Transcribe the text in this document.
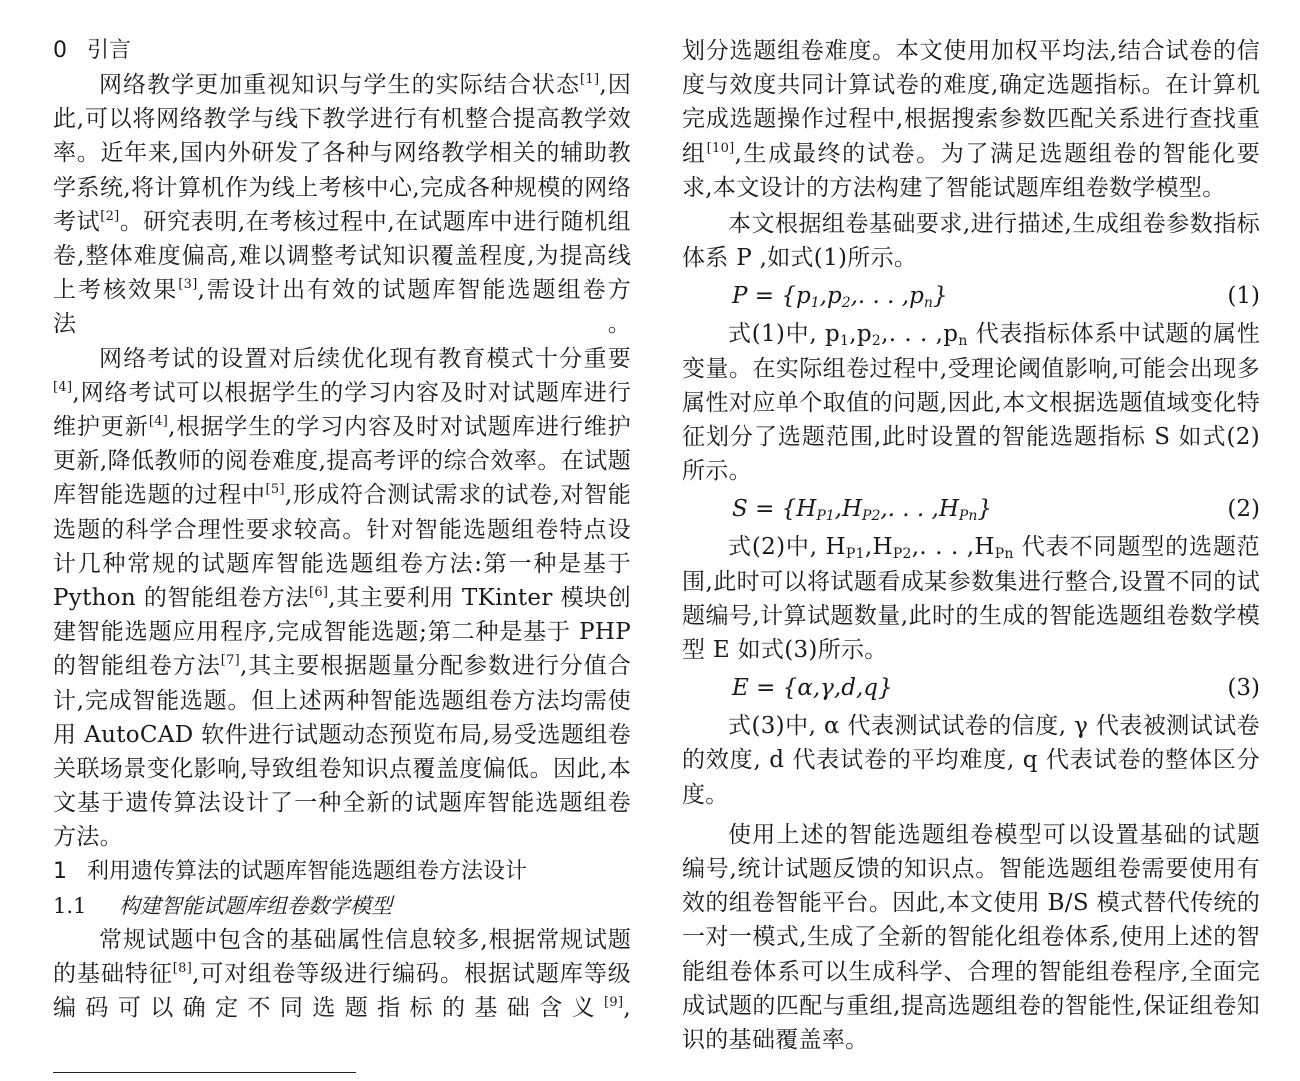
0 引言

网络教学更加重视知识与学生的实际结合状态[1],因此,可以将网络教学与线下教学进行有机整合提高教学效率。近年来,国内外研发了各种与网络教学相关的辅助教学系统,将计算机作为线上考核中心,完成各种规模的网络考试[2]。研究表明,在考核过程中,在试题库中进行随机组卷,整体难度偏高,难以调整考试知识覆盖程度,为提高线上考核效果[3],需设计出有效的试题库智能选题组卷方法。

网络考试的设置对后续优化现有教育模式十分重要[4],网络考试可以根据学生的学习内容及时对试题库进行维护更新[4],根据学生的学习内容及时对试题库进行维护更新,降低教师的阅卷难度,提高考评的综合效率。在试题库智能选题的过程中[5],形成符合测试需求的试卷,对智能选题的科学合理性要求较高。针对智能选题组卷特点设计几种常规的试题库智能选题组卷方法:第一种是基于 Python 的智能组卷方法[6],其主要利用 TKinter 模块创建智能选题应用程序,完成智能选题;第二种是基于 PHP 的智能组卷方法[7],其主要根据题量分配参数进行分值合计,完成智能选题。但上述两种智能选题组卷方法均需使用 AutoCAD 软件进行试题动态预览布局,易受选题组卷关联场景变化影响,导致组卷知识点覆盖度偏低。因此,本文基于遗传算法设计了一种全新的试题库智能选题组卷方法。

1 利用遗传算法的试题库智能选题组卷方法设计
1.1 构建智能试题库组卷数学模型

常规试题中包含的基础属性信息较多,根据常规试题的基础特征[8],可对组卷等级进行编码。根据试题库等级编码可以确定不同选题指标的基础含义[9],

划分选题组卷难度。本文使用加权平均法,结合试卷的信度与效度共同计算试卷的难度,确定选题指标。在计算机完成选题操作过程中,根据搜索参数匹配关系进行查找重组[10],生成最终的试卷。为了满足选题组卷的智能化要求,本文设计的方法构建了智能试题库组卷数学模型。

本文根据组卷基础要求,进行描述,生成组卷参数指标体系 P ,如式(1)所示。

$P = \{p_1,p_2$,. . . $,p_n$}	(1)

式(1)中, $p_1,p_2$,. . . $,p_n$ 代表指标体系中试题的属性变量。在实际组卷过程中,受理论阈值影响,可能会出现多属性对应单个取值的问题,因此,本文根据选题值域变化特征划分了选题范围,此时设置的智能选题指标 S 如式(2)所示。

$S = \{H_{P1},H_{P2}$,. . . $,H_{Pn}$}	(2)

式(2)中, $H_{P1},H_{P2}$,. . . $,H_{Pn}$ 代表不同题型的选题范围,此时可以将试题看成某参数集进行整合,设置不同的试题编号,计算试题数量,此时的生成的智能选题组卷数学模型 E 如式(3)所示。

E = {α,γ,d,q}	(3)

式(3)中, α 代表测试试卷的信度, γ 代表被测试试卷的效度, d 代表试卷的平均难度, q 代表试卷的整体区分度。

使用上述的智能选题组卷模型可以设置基础的试题编号,统计试题反馈的知识点。智能选题组卷需要使用有效的组卷智能平台。因此,本文使用 B/S 模式替代传统的一对一模式,生成了全新的智能化组卷体系,使用上述的智能组卷体系可以生成科学、合理的智能组卷程序,全面完成试题的匹配与重组,提高选题组卷的智能性,保证组卷知识的基础覆盖率。
